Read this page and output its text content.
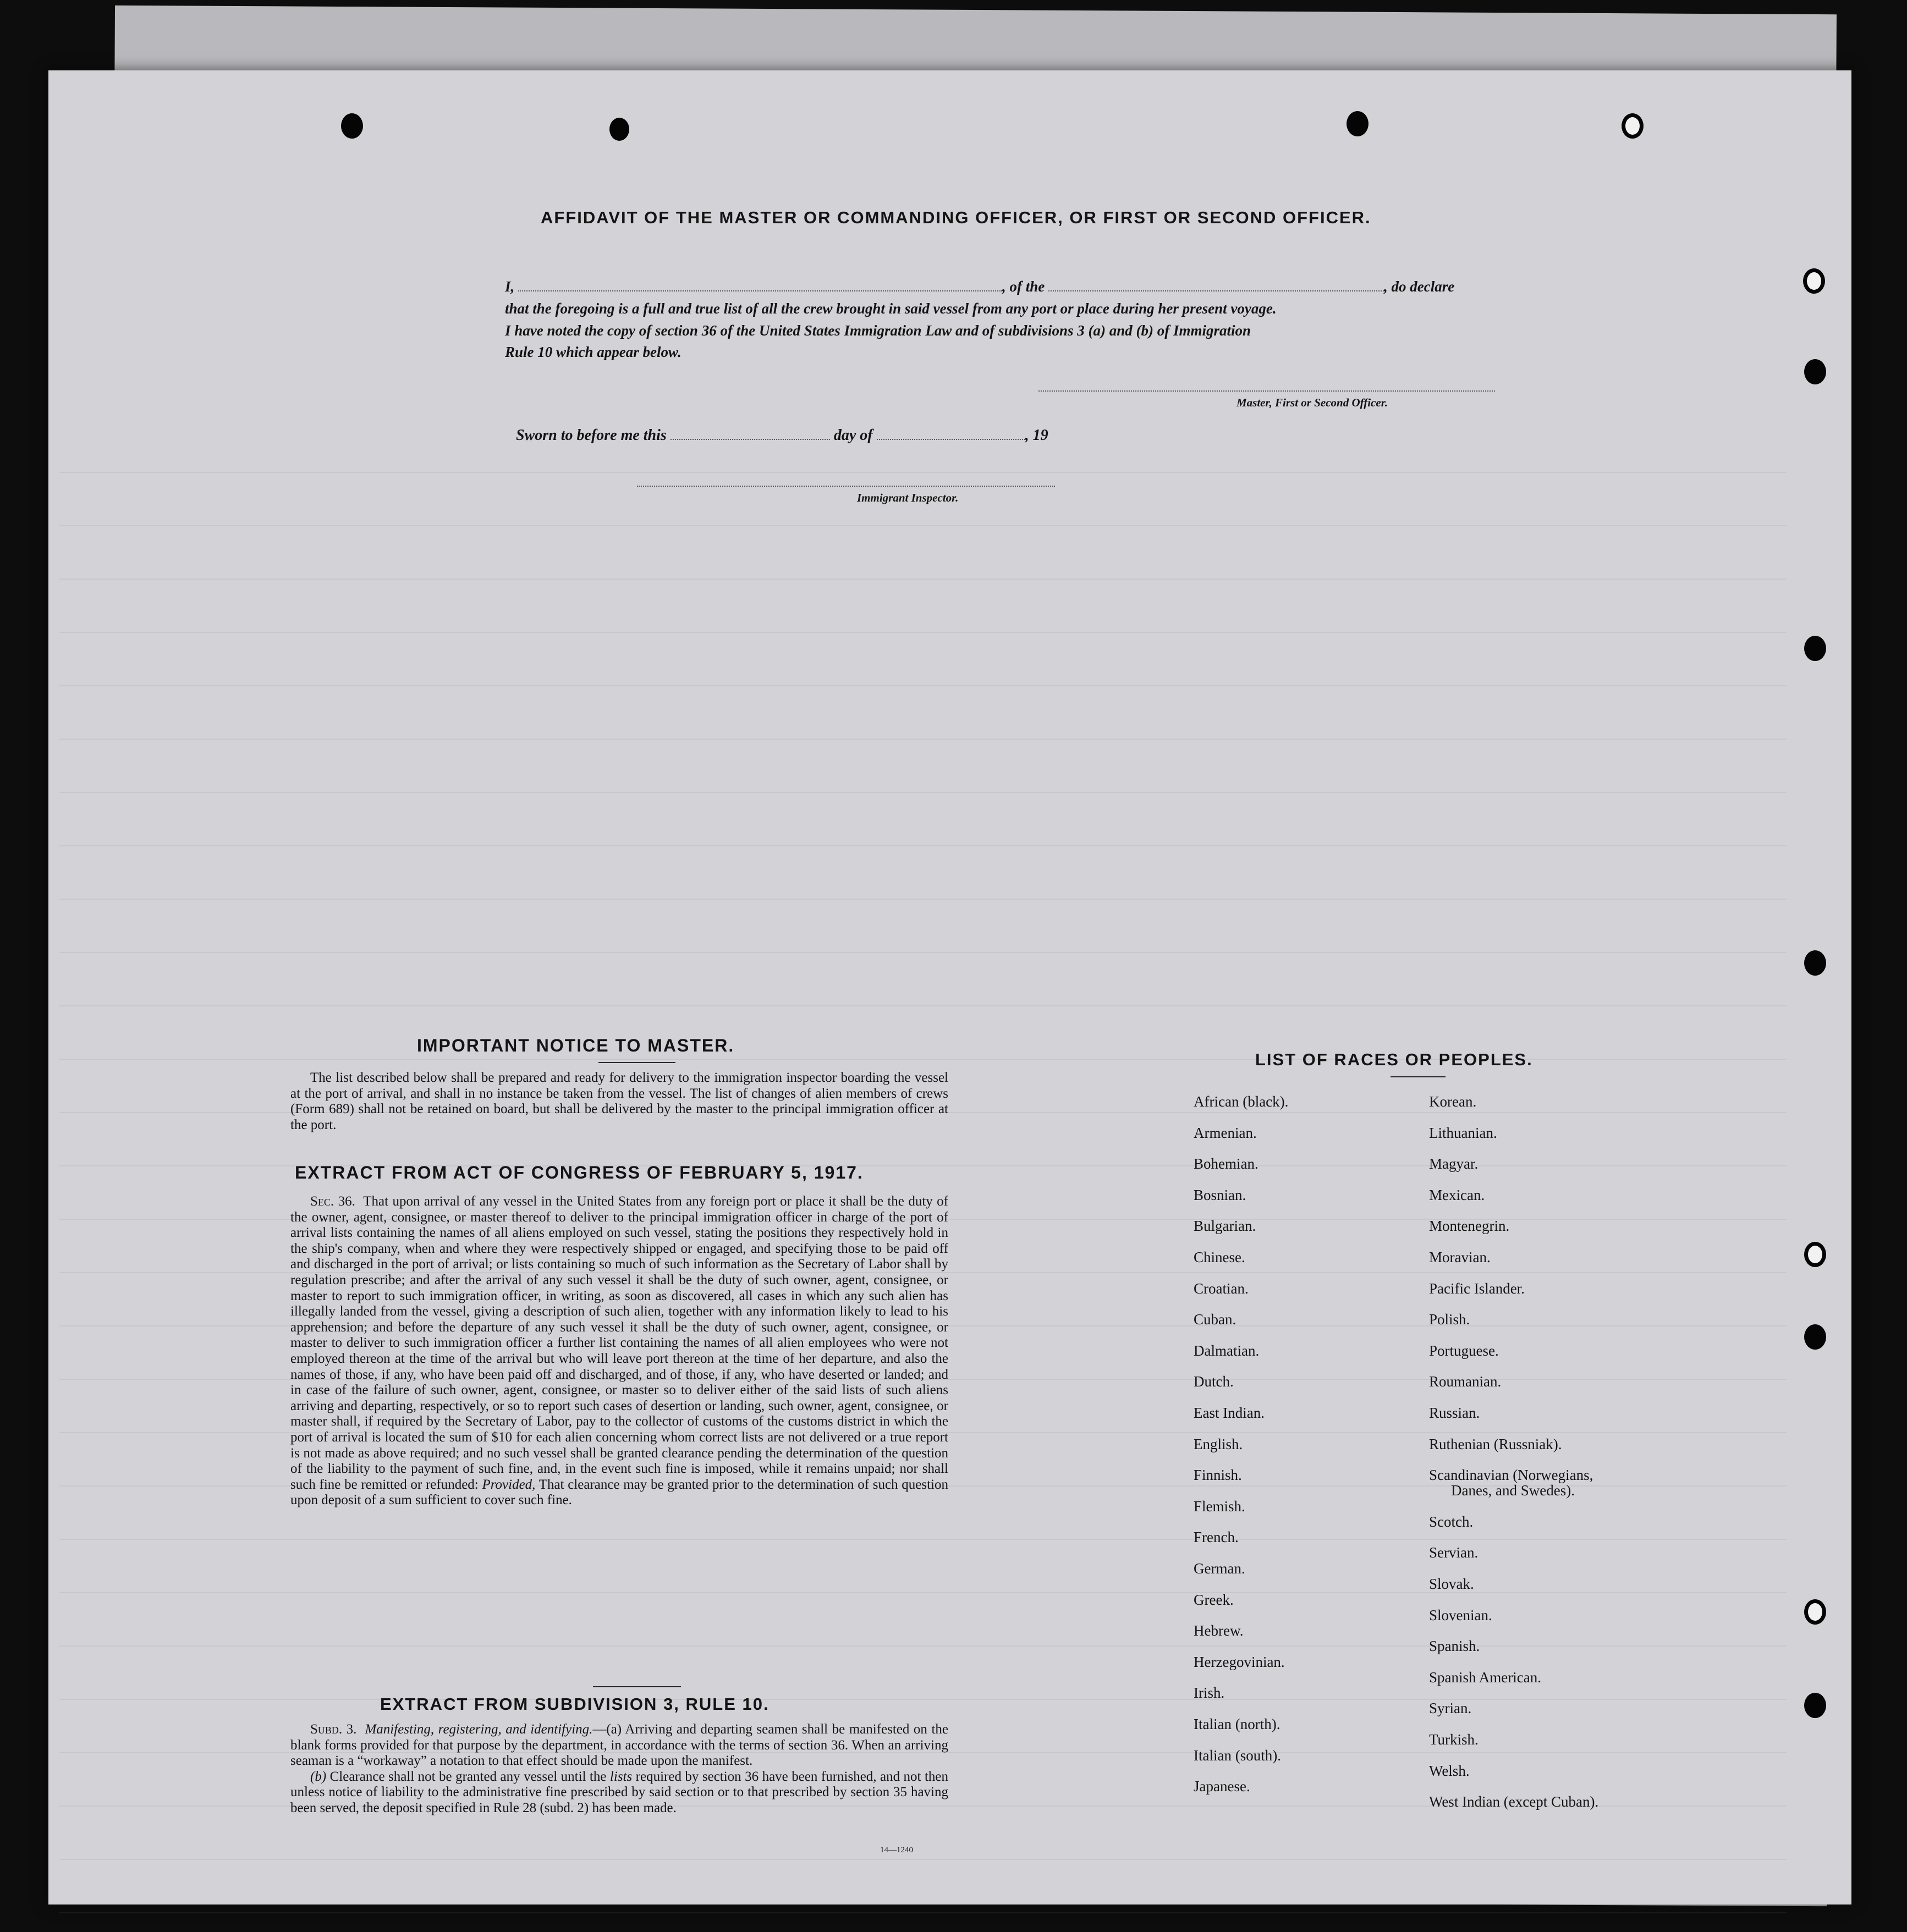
AFFIDAVIT OF THE MASTER OR COMMANDING OFFICER, OR FIRST OR SECOND OFFICER.
I,	, of the	, do declare
that the foregoing is a full and true list of all the crew brought in said vessel from any port or place during her present voyage.
I have noted the copy of section 36 of the United States Immigration Law and of subdivisions 3 (a) and (b) of Immigration
Rule 10 which appear below.
Master, First or Second Officer.
Sworn to before me this	day of	, 19
Immigrant Inspector.
IMPORTANT NOTICE TO MASTER.

The list described below shall be prepared and ready for delivery to the immigration inspector boarding the vessel at the port of arrival, and shall in no instance be taken from the vessel. The list of changes of alien members of crews (Form 689) shall not be retained on board, but shall be delivered by the master to the principal immigration officer at the port.

EXTRACT FROM ACT OF CONGRESS OF FEBRUARY 5, 1917.

Sec. 36. That upon arrival of any vessel in the United States from any foreign port or place it shall be the duty of the owner, agent, consignee, or master thereof to deliver to the principal immigration officer in charge of the port of arrival lists containing the names of all aliens employed on such vessel, stating the positions they respectively hold in the ship's company, when and where they were respectively shipped or engaged, and specifying those to be paid off and discharged in the port of arrival; or lists containing so much of such information as the Secretary of Labor shall by regulation prescribe; and after the arrival of any such vessel it shall be the duty of such owner, agent, consignee, or master to report to such immigration officer, in writing, as soon as discovered, all cases in which any such alien has illegally landed from the vessel, giving a description of such alien, together with any information likely to lead to his apprehension; and before the departure of any such vessel it shall be the duty of such owner, agent, consignee, or master to deliver to such immigration officer a further list containing the names of all alien employees who were not employed thereon at the time of the arrival but who will leave port thereon at the time of her departure, and also the names of those, if any, who have been paid off and discharged, and of those, if any, who have deserted or landed; and in case of the failure of such owner, agent, consignee, or master so to deliver either of the said lists of such aliens arriving and departing, respectively, or so to report such cases of desertion or landing, such owner, agent, consignee, or master shall, if required by the Secretary of Labor, pay to the collector of customs of the customs district in which the port of arrival is located the sum of $10 for each alien concerning whom correct lists are not delivered or a true report is not made as above required; and no such vessel shall be granted clearance pending the determination of the question of the liability to the payment of such fine, and, in the event such fine is imposed, while it remains unpaid; nor shall such fine be remitted or refunded: Provided, That clearance may be granted prior to the determination of such question upon deposit of a sum sufficient to cover such fine.

EXTRACT FROM SUBDIVISION 3, RULE 10.

Subd. 3. Manifesting, registering, and identifying.—(a) Arriving and departing seamen shall be manifested on the blank forms provided for that purpose by the department, in accordance with the terms of section 36. When an arriving seaman is a “workaway” a notation to that effect should be made upon the manifest.

(b) Clearance shall not be granted any vessel until the lists required by section 36 have been furnished, and not then unless notice of liability to the administrative fine prescribed by said section or to that prescribed by section 35 having been served, the deposit specified in Rule 28 (subd. 2) has been made.

14—1240
LIST OF RACES OR PEOPLES.
African (black).
Armenian.
Bohemian.
Bosnian.
Bulgarian.
Chinese.
Croatian.
Cuban.
Dalmatian.
Dutch.
East Indian.
English.
Finnish.
Flemish.
French.
German.
Greek.
Hebrew.
Herzegovinian.
Irish.
Italian (north).
Italian (south).
Japanese.
Korean.
Lithuanian.
Magyar.
Mexican.
Montenegrin.
Moravian.
Pacific Islander.
Polish.
Portuguese.
Roumanian.
Russian.
Ruthenian (Russniak).
Scandinavian (Norwegians,
Danes, and Swedes).
Scotch.
Servian.
Slovak.
Slovenian.
Spanish.
Spanish American.
Syrian.
Turkish.
Welsh.
West Indian (except Cuban).
